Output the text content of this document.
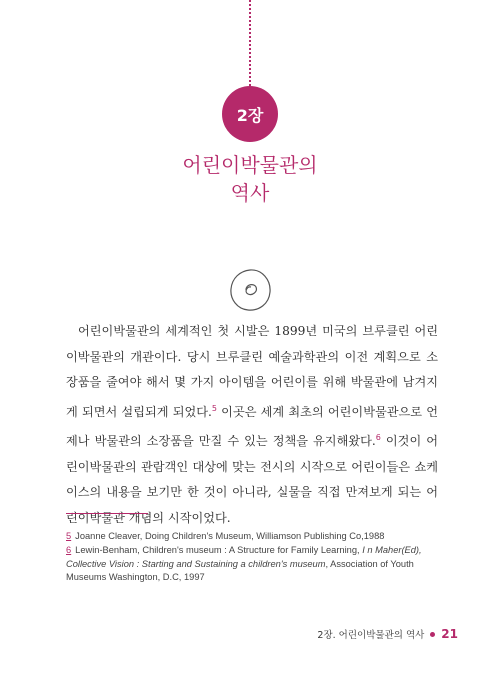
2장
어린이박물관의
역사

어린이박물관의 세계적인 첫 시발은 1899년 미국의 브루클린 어린이박물관의 개관이다. 당시 브루클린 예술과학관의 이전 계획으로 소장품을 줄여야 해서 몇 가지 아이템을 어린이를 위해 박물관에 남겨지게 되면서 설립되게 되었다.$^5$ 이곳은 세계 최초의 어린이박물관으로 언제나 박물관의 소장품을 만질 수 있는 정책을 유지해왔다.$^6$ 이것이 어린이박물관의 관람객인 대상에 맞는 전시의 시작으로 어린이들은 쇼케이스의 내용을 보기만 한 것이 아니라, 실물을 직접 만져보게 되는 어린이박물관 개념의 시작이었다.

5 Joanne Cleaver, Doing Children's Museum, Williamson Publishing Co,1988
6 Lewin-Benham, Children's museum : A Structure for Family Learning, I n Maher(Ed), Collective Vision : Starting and Sustaining a children's museum, Association of Youth Museums Washington, D.C, 1997
2장. 어린이박물관의 역사 21
